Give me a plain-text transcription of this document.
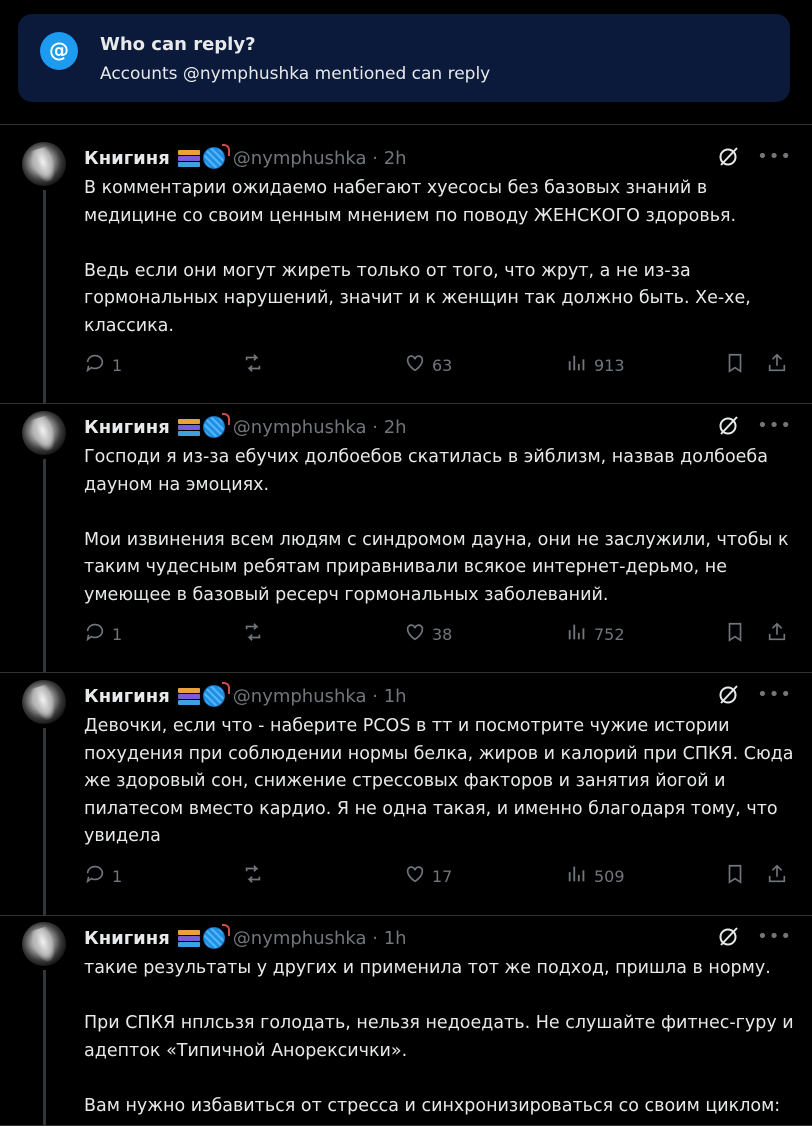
@	Who can reply?
Accounts @nymphushka mentioned can reply
Книгиня	@nymphushka · 2h	•••

В комментарии ожидаемо набегают хуесосы без базовых знаний в медицине со своим ценным мнением по поводу ЖЕНСКОГО здоровья.

Ведь если они могут жиреть только от того, что жрут, а не из-за гормональных нарушений, значит и к женщин так должно быть. Хе-хе, классика.

1	63	913
Книгиня	@nymphushka · 2h	•••

Господи я из-за ебучих долбоебов скатилась в эйблизм, назвав долбоеба дауном на эмоциях.

Мои извинения всем людям с синдромом дауна, они не заслужили, чтобы к таким чудесным ребятам приравнивали всякое интернет-дерьмо, не умеющее в базовый ресерч гормональных заболеваний.

1	38	752
Книгиня	@nymphushka · 1h	•••

Девочки, если что - наберите PCOS в тт и посмотрите чужие истории похудения при соблюдении нормы белка, жиров и калорий при СПКЯ. Сюда же здоровый сон, снижение стрессовых факторов и занятия йогой и пилатесом вместо кардио. Я не одна такая, и именно благодаря тому, что увидела

1	17	509
Книгиня	@nymphushka · 1h	•••

такие результаты у других и применила тот же подход, пришла в норму.

При СПКЯ нплсьзя голодать, нельзя недоедать. Не слушайте фитнес-гуру и адепток «Типичной Анорексички».

Вам нужно избавиться от стресса и синхронизироваться со своим циклом:
